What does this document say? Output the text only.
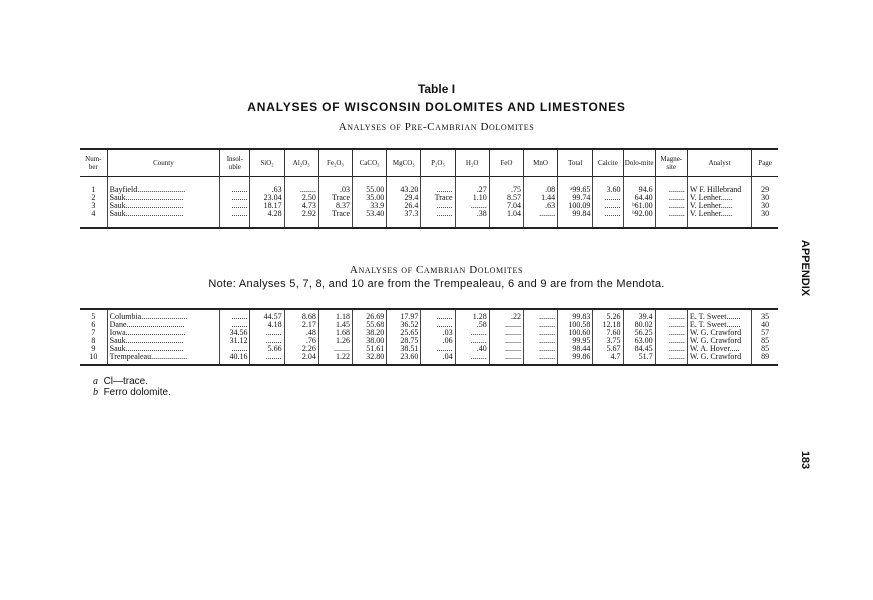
Table I
ANALYSES OF WISCONSIN DOLOMITES AND LIMESTONES
Analyses of Pre-Cambrian Dolomites
Num-ber	County	Insol-uble	SiO₂	Al₂O₃	Fe₂O₃	CaCO₃	MgCO₃	P₂O₅	H₂O	FeO	MnO	Total	Calcite	Dolo-mite	Magne-site	Analyst	Page

1	Bayfield........................	........	.63	........	.03	55.00	43.20	........	.27	.75	.08	ᵃ99.65	3.60	94.6	........	W F. Hillebrand	29
2	Sauk.............................	........	23.04	2.50	Trace	35.00	29.4	Trace	1.10	8.57	1.44	99.74	........	64.40	........	V. Lenher......	30
3	Sauk.............................	........	18.17	4.73	8.37	33.9	26.4	........	........	7.04	.63	100.09	........	ᵇ61.00	........	V. Lenher......	30
4	Sauk.............................	........	4.28	2.92	Trace	53.40	37.3	........	.38	1.04	........	99.84	........	ᵇ92.00	........	V. Lenher......	30

Analyses of Cambrian Dolomites
Note: Analyses 5, 7, 8, and 10 are from the Trempealeau, 6 and 9 are from the Mendota.

5	Columbia.......................	........	44.57	8.68	1.18	26.69	17.97	........	1.28	.22	........	99.83	5.26	39.4	........	E. T. Sweet.......	35
6	Dane.............................	........	4.18	2.17	1.45	55.68	36.52	........	.58	........	........	100.58	12.18	80.02	........	E. T. Sweet.......	40
7	Iowa..............................	34.56	........	.48	1.68	38.20	25.65	.03	........	........	........	100.60	7.60	56.25	........	W. G. Crawford	57
8	Sauk.............................	31.12	........	.76	1.26	38.00	28.75	.06	........	........	........	99.95	3.75	63.00	........	W. G. Crawford	85
9	Sauk.............................	........	5.66	2.26	........	51.61	38.51	........	.40	........	........	98.44	5.67	84.45	........	W. A. Hover.....	85
10	Trempealeau..................	40.16	........	2.04	1.22	32.80	23.60	.04	........	........	........	99.86	4.7	51.7	........	W. G. Crawford	89

a Cl—trace.
b Ferro dolomite.
APPENDIX
183
